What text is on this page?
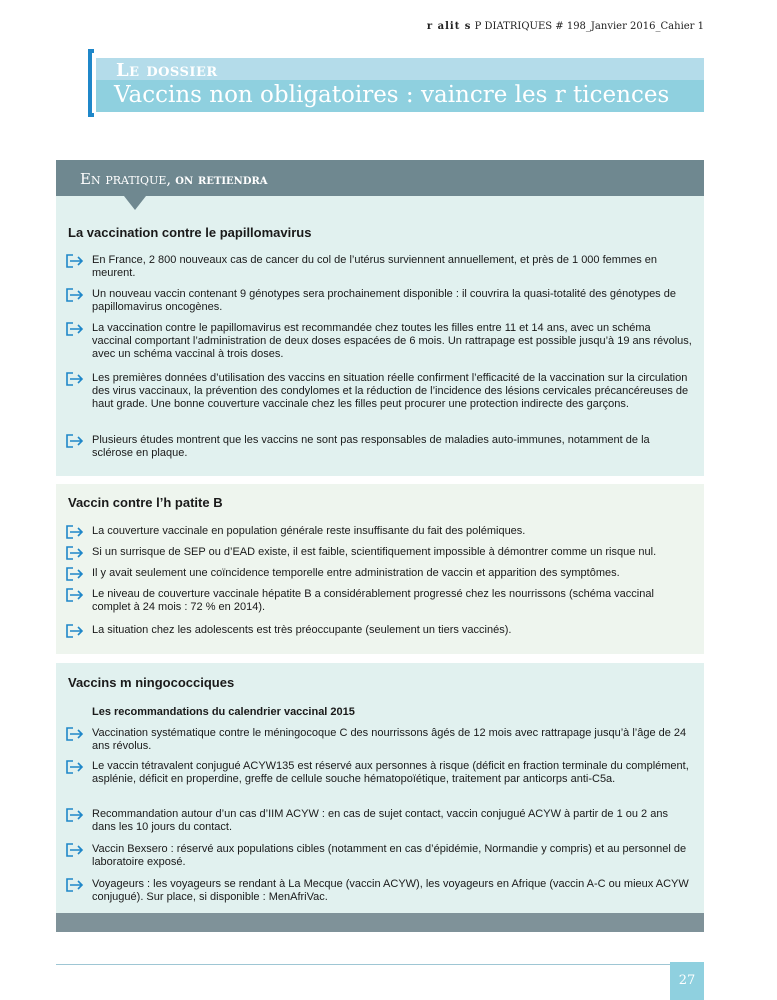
r alit s P DIATRIQUES # 198_Janvier 2016_Cahier 1
Le dossier
Vaccins non obligatoires : vaincre les r ticences
En pratique, on retiendra
La vaccination contre le papillomavirus
En France, 2 800 nouveaux cas de cancer du col de l’utérus surviennent annuellement, et près de 1 000 femmes en meurent.
Un nouveau vaccin contenant 9 génotypes sera prochainement disponible : il couvrira la quasi-totalité des génotypes de papillomavirus oncogènes.
La vaccination contre le papillomavirus est recommandée chez toutes les filles entre 11 et 14 ans, avec un schéma vaccinal comportant l’administration de deux doses espacées de 6 mois. Un rattrapage est possible jusqu’à 19 ans révolus, avec un schéma vaccinal à trois doses.
Les premières données d’utilisation des vaccins en situation réelle confirment l’efficacité de la vaccination sur la circulation des virus vaccinaux, la prévention des condylomes et la réduction de l’incidence des lésions cervicales précancéreuses de haut grade. Une bonne couverture vaccinale chez les filles peut procurer une protection indirecte des garçons.
Plusieurs études montrent que les vaccins ne sont pas responsables de maladies auto-immunes, notamment de la sclérose en plaque.
Vaccin contre l’h patite B
La couverture vaccinale en population générale reste insuffisante du fait des polémiques.
Si un surrisque de SEP ou d’EAD existe, il est faible, scientifiquement impossible à démontrer comme un risque nul.
Il y avait seulement une coïncidence temporelle entre administration de vaccin et apparition des symptômes.
Le niveau de couverture vaccinale hépatite B a considérablement progressé chez les nourrissons (schéma vaccinal complet à 24 mois : 72 % en 2014).
La situation chez les adolescents est très préoccupante (seulement un tiers vaccinés).
Vaccins m ningococciques
Les recommandations du calendrier vaccinal 2015
Vaccination systématique contre le méningocoque C des nourrissons âgés de 12 mois avec rattrapage jusqu’à l’âge de 24 ans révolus.
Le vaccin tétravalent conjugué ACYW135 est réservé aux personnes à risque (déficit en fraction terminale du complément, asplénie, déficit en properdine, greffe de cellule souche hématopoïétique, traitement par anticorps anti-C5a.
Recommandation autour d’un cas d’IIM ACYW : en cas de sujet contact, vaccin conjugué ACYW à partir de 1 ou 2 ans dans les 10 jours du contact.
Vaccin Bexsero : réservé aux populations cibles (notamment en cas d’épidémie, Normandie y compris) et au personnel de laboratoire exposé.
Voyageurs : les voyageurs se rendant à La Mecque (vaccin ACYW), les voyageurs en Afrique (vaccin A-C ou mieux ACYW conjugué). Sur place, si disponible : MenAfriVac.
27
